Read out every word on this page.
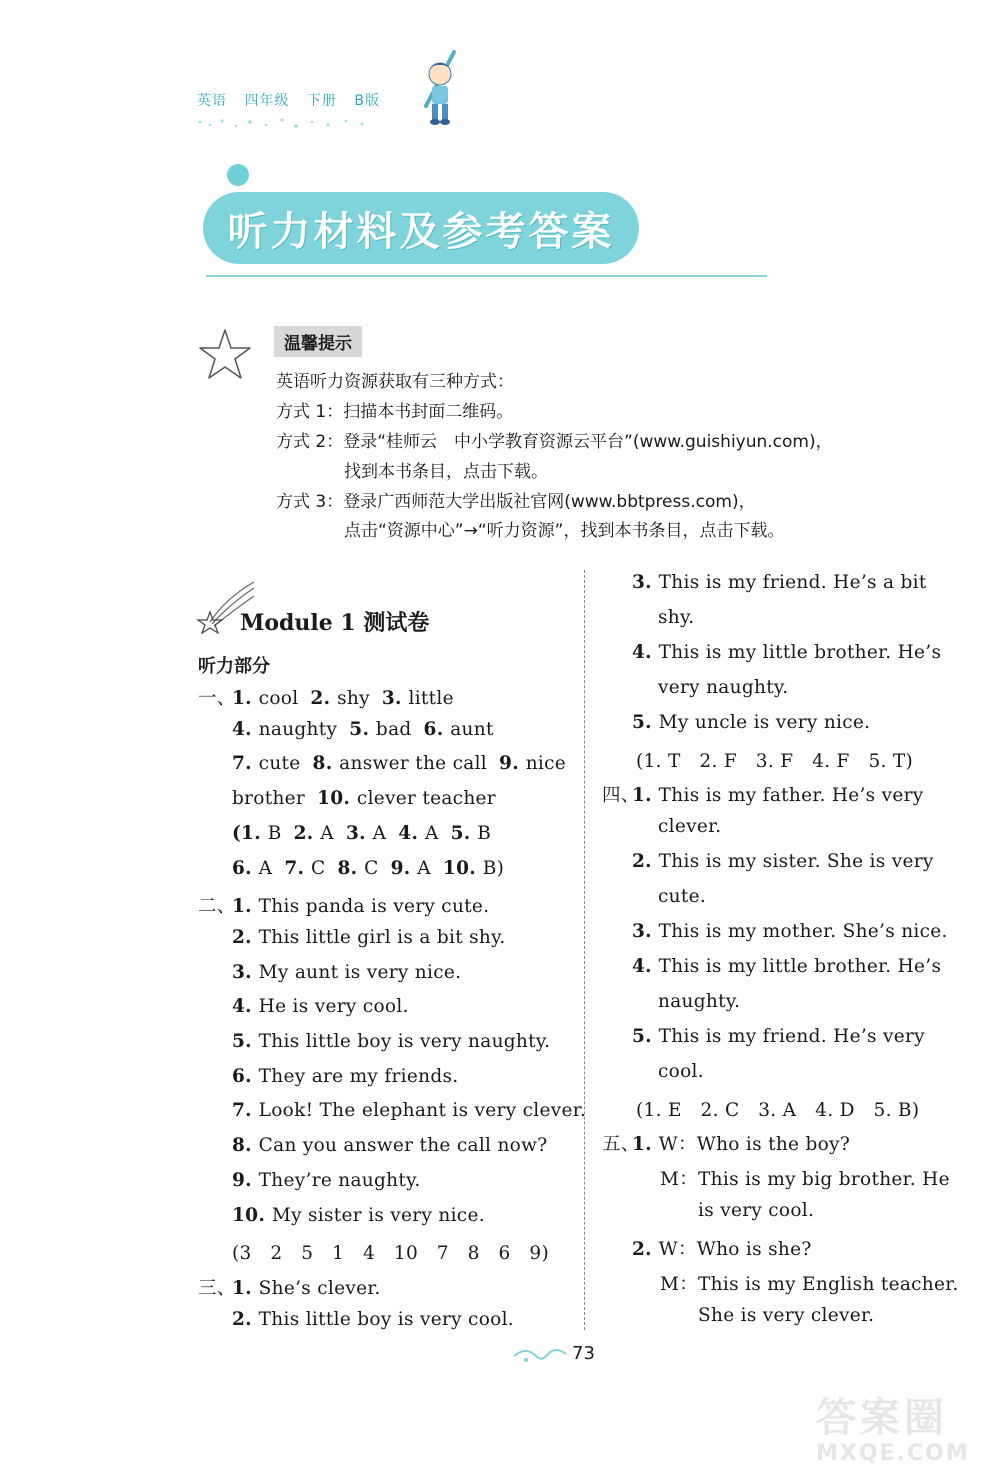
英语 四年级 下册 B版
听力材料及参考答案
温馨提示
英语听力资源获取有三种方式：
方式 1：扫描本书封面二维码。
方式 2：登录“桂师云　中小学教育资源云平台”(www.guishiyun.com)，
　　　　找到本书条目，点击下载。
方式 3：登录广西师范大学出版社官网(www.bbtpress.com)，
　　　　点击“资源中心”→“听力资源”，找到本书条目，点击下载。
Module 1 测试卷
听力部分
一、1. cool 2. shy 3. little
4. naughty 5. bad 6. aunt
7. cute 8. answer the call 9. nice
brother 10. clever teacher
(1. B 2. A 3. A 4. A 5. B
6. A 7. C 8. C 9. A 10. B)
二、1. This panda is very cute.
2. This little girl is a bit shy.
3. My aunt is very nice.
4. He is very cool.
5. This little boy is very naughty.
6. They are my friends.
7. Look! The elephant is very clever.
8. Can you answer the call now?
9. They’re naughty.
10. My sister is very nice.
(3　2　5　1　4　10　7　8　6　9)
三、1. She’s clever.
2. This little boy is very cool.
3. This is my friend. He’s a bit
shy.
4. This is my little brother. He’s
very naughty.
5. My uncle is very nice.
(1. T　2. F　3. F　4. F　5. T)
四、1. This is my father. He’s very
clever.
2. This is my sister. She is very
cute.
3. This is my mother. She’s nice.
4. This is my little brother. He’s
naughty.
5. This is my friend. He’s very
cool.
(1. E　2. C　3. A　4. D　5. B)
五、1. W：Who is the boy?
M：This is my big brother. He
is very cool.
2. W：Who is she?
M：This is my English teacher.
She is very clever.
73
答案圈
MXQE.COM
